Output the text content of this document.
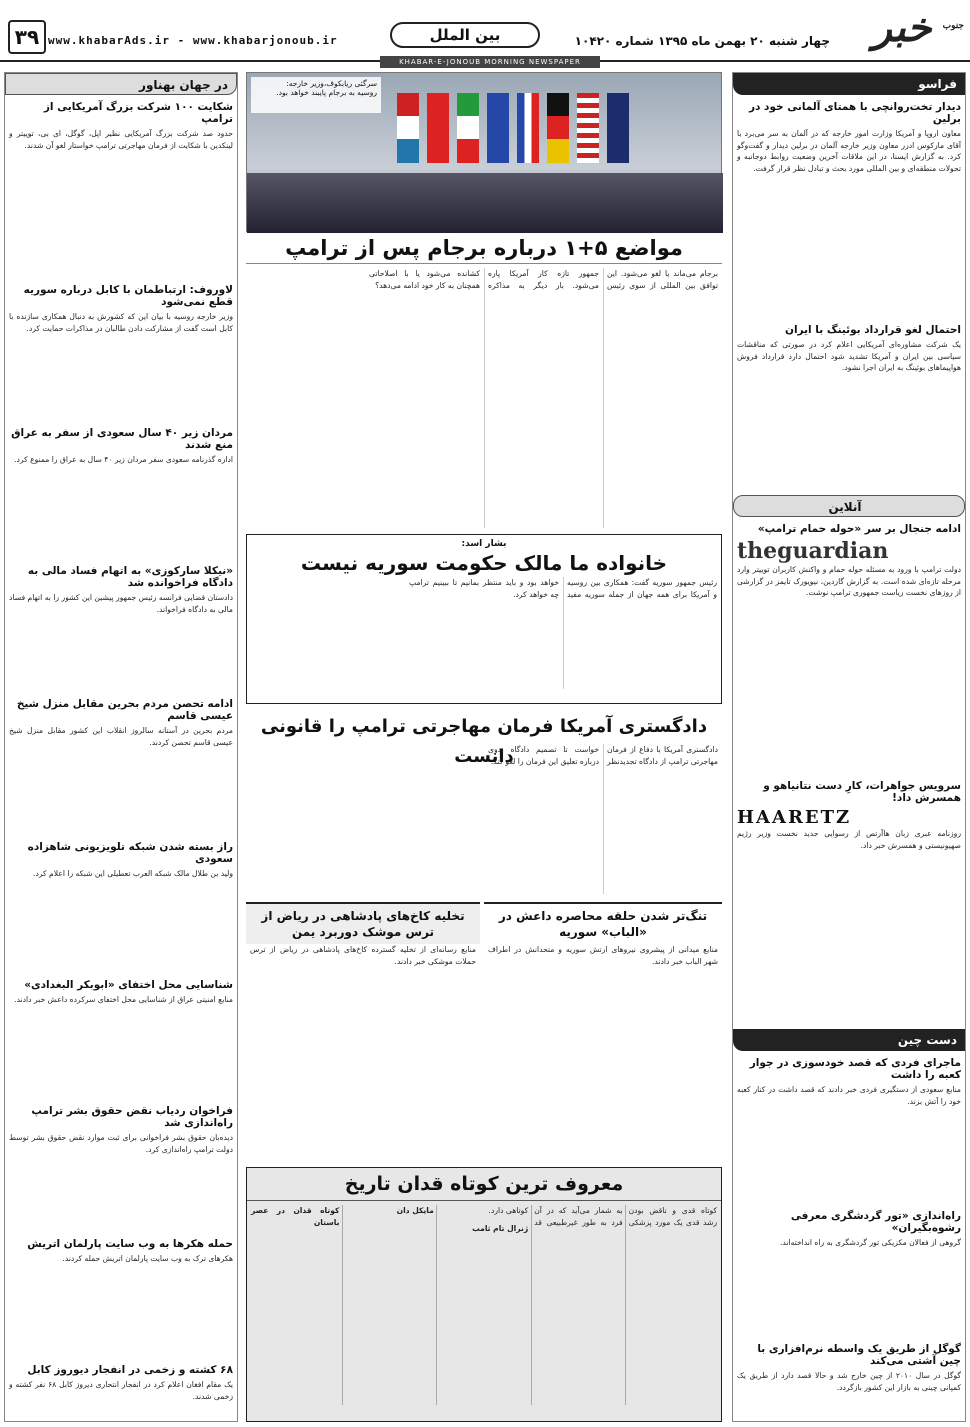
خبر جنوب
چهار شنبه ۲۰ بهمن ماه ۱۳۹۵ شماره ۱۰۴۲۰
بین الملل
www.khabarAds.ir - www.khabarjonoub.ir
۳۹
KHABAR-E-JONOUB MORNING NEWSPAPER
فراسو
دیدار تخت‌روانچی با همتای آلمانی خود در برلین
معاون اروپا و آمریکا وزارت امور خارجه که در آلمان به سر می‌برد با آقای مارکوس ادرر معاون وزیر خارجه آلمان در برلین دیدار و گفت‌وگو کرد. به گزارش ایسنا، در این ملاقات آخرین وضعیت روابط دوجانبه و تحولات منطقه‌ای و بین المللی مورد بحث و تبادل نظر قرار گرفت.
احتمال لغو قرارداد بوئینگ با ایران
یک شرکت مشاوره‌ای آمریکایی اعلام کرد در صورتی که مناقشات سیاسی بین ایران و آمریکا تشدید شود احتمال دارد قرارداد فروش هواپیماهای بوئینگ به ایران اجرا نشود.
آنلاین
ادامه جنجال بر سر «حوله حمام ترامپ»
theguardian
دولت ترامپ با ورود به مسئله حوله حمام و واکنش کاربران توییتر وارد مرحله تازه‌ای شده است. به گزارش گاردین، نیویورک تایمز در گزارشی از روزهای نخست ریاست جمهوری ترامپ نوشت.
سرویس جواهرات، کارِ دست نتانیاهو و همسرش داد!
HAARETZ
روزنامه عبری زبان هاآرتص از رسوایی جدید نخست وزیر رژیم صهیونیستی و همسرش خبر داد.
دست چین
ماجرای فردی که قصد خودسوزی در جوار کعبه را داشت
منابع سعودی از دستگیری فردی خبر دادند که قصد داشت در کنار کعبه خود را آتش بزند.
راه‌اندازی «تور گردشگری معرفی رشوه‌بگیران»
گروهی از فعالان مکزیکی تور گردشگری به راه انداخته‌اند.
گوگل از طریق یک واسطه نرم‌افزاری با چین آشتی می‌کند
گوگل در سال ۲۰۱۰ از چین خارج شد و حالا قصد دارد از طریق یک کمپانی چینی به بازار این کشور بازگردد.
سرگئی ریابکوف،وزیر خارجه:
روسیه به برجام پایبند خواهد بود.
مواضع ۵+۱ درباره برجام پس از ترامپ
برجام می‌ماند یا لغو می‌شود. این توافق بین المللی از سوی رئیس جمهور تازه کار آمریکا پاره می‌شود. بار دیگر به مذاکره کشانده می‌شود یا با اصلاحاتی همچنان به کار خود ادامه می‌دهد؟
بشار اسد:
خانواده ما مالک حکومت سوریه نیست
رئیس جمهور سوریه گفت: همکاری بین روسیه و آمریکا برای همه جهان از جمله سوریه مفید خواهد بود و باید منتظر بمانیم تا ببینیم ترامپ چه خواهد کرد.
دادگستری آمریکا فرمان مهاجرتی ترامپ را قانونی دانست	دادگستری آمریکا با دفاع از فرمان مهاجرتی ترامپ از دادگاه تجدیدنظر خواست تا تصمیم دادگاه بدوی درباره تعلیق این فرمان را لغو کند.
تنگ‌تر شدن حلقه محاصره داعش در «الباب» سوریه
منابع میدانی از پیشروی نیروهای ارتش سوریه و متحدانش در اطراف شهر الباب خبر دادند.
تخلیه کاخ‌های پادشاهی در ریاض از ترس موشک دوربرد یمن
منابع رسانه‌ای از تخلیه گسترده کاخ‌های پادشاهی در ریاض از ترس حملات موشکی خبر دادند.
معروف ترین کوتاه قدان تاریخ
کوتاه قدی و ناقض بودن رشد قدی یک مورد پزشکی به شمار می‌آید که در آن فرد به طور غیرطبیعی قد کوتاهی دارد.
ژنرال تام ثامب
مایکل دان
کوتاه قدان در عصر باستان
در جهان بهناور
شکایت ۱۰۰ شرکت بزرگ آمریکایی از ترامپ
حدود صد شرکت بزرگ آمریکایی نظیر اپل، گوگل، ای بی، توییتر و لینکدین با شکایت از فرمان مهاجرتی ترامپ خواستار لغو آن شدند.
لاوروف: ارتباطمان با کابل درباره سوریه قطع نمی‌شود
وزیر خارجه روسیه با بیان این که کشورش به دنبال همکاری سازنده با کابل است گفت از مشارکت دادن طالبان در مذاکرات حمایت کرد.
مردان زیر ۴۰ سال سعودی از سفر به عراق منع شدند
اداره گذرنامه سعودی سفر مردان زیر ۴۰ سال به عراق را ممنوع کرد.
«نیکلا سارکوزی» به اتهام فساد مالی به دادگاه فراخوانده شد
دادستان قضایی فرانسه رئیس جمهور پیشین این کشور را به اتهام فساد مالی به دادگاه فراخواند.
ادامه تحصن مردم بحرین مقابل منزل شیخ عیسی قاسم
مردم بحرین در آستانه سالروز انقلاب این کشور مقابل منزل شیخ عیسی قاسم تحصن کردند.
راز بسته شدن شبکه تلویزیونی شاهزاده سعودی
ولید بن طلال مالک شبکه العرب تعطیلی این شبکه را اعلام کرد.
شناسایی محل اختفای «ابوبکر البغدادی»
منابع امنیتی عراق از شناسایی محل اختفای سرکرده داعش خبر دادند.
فراخوان ردیاب نقض حقوق بشر ترامپ راه‌اندازی شد
دیده‌بان حقوق بشر فراخوانی برای ثبت موارد نقض حقوق بشر توسط دولت ترامپ راه‌اندازی کرد.
حمله هکرها به وب سایت پارلمان اتریش
هکرهای ترک به وب سایت پارلمان اتریش حمله کردند.
۶۸ کشته و زخمی در انفجار دیوروز کابل
یک مقام افغان اعلام کرد در انفجار انتحاری دیروز کابل ۶۸ نفر کشته و زخمی شدند.
